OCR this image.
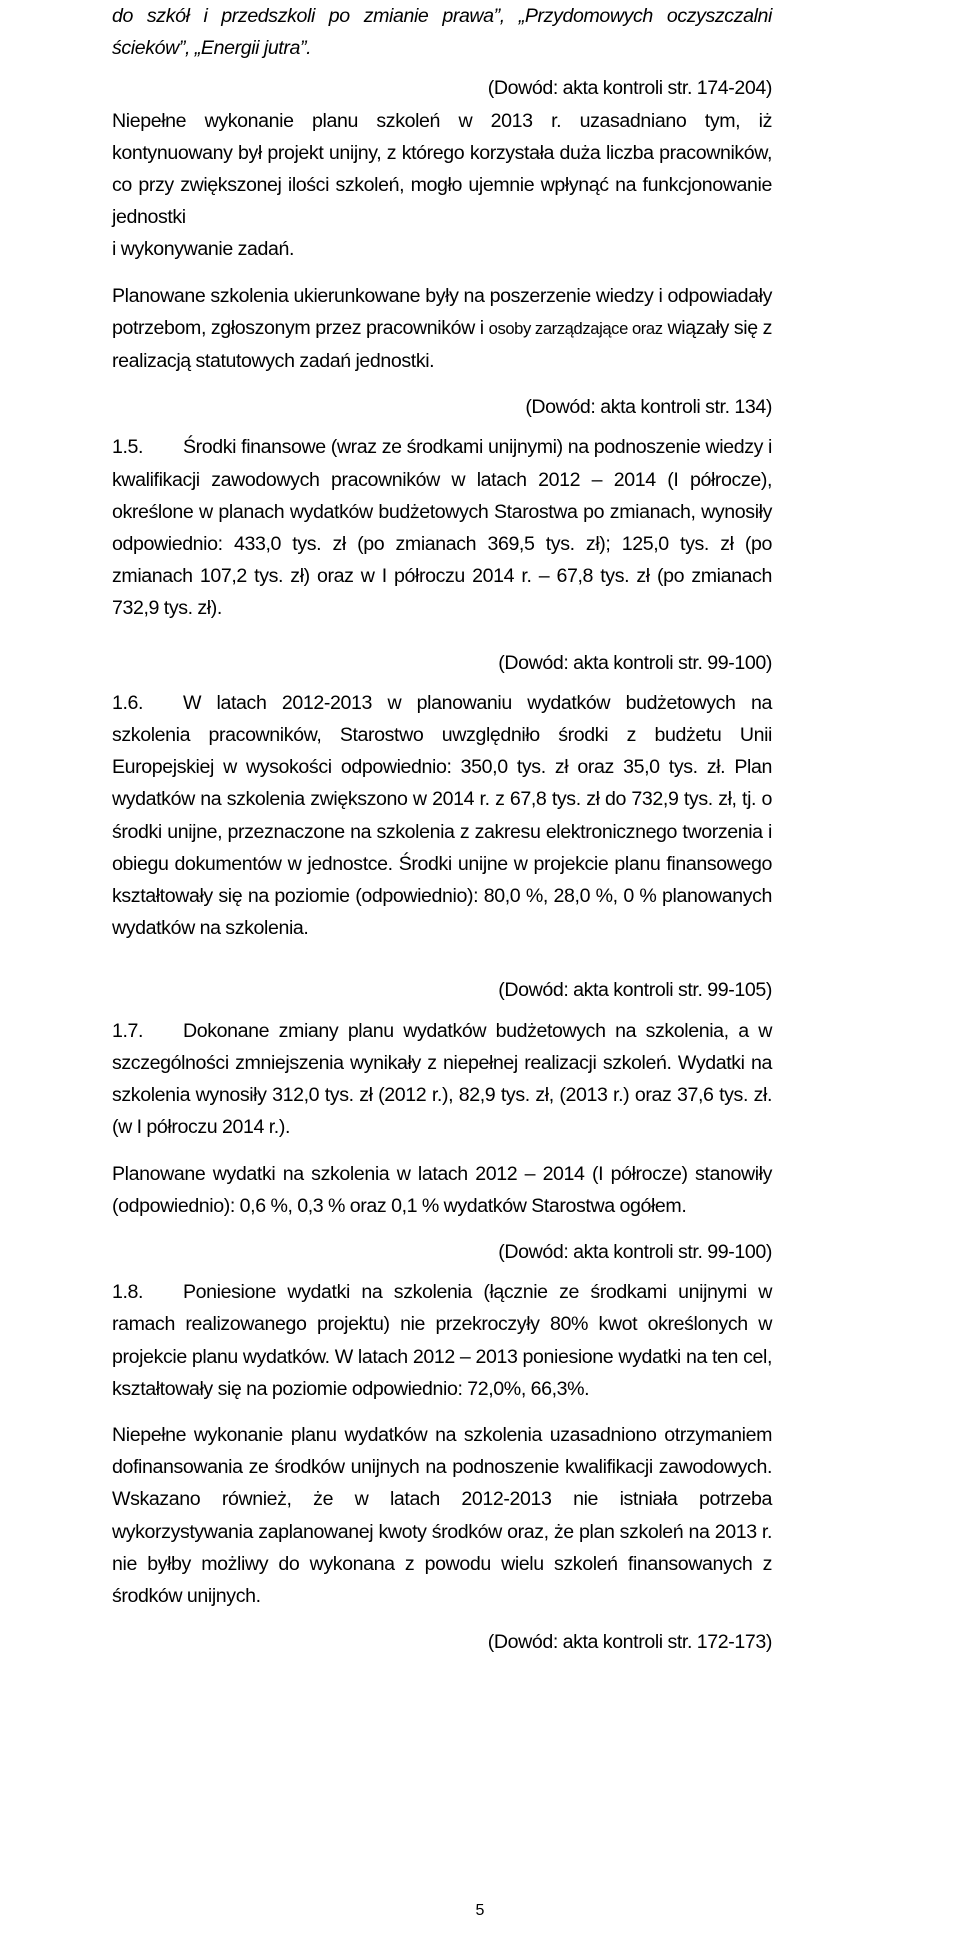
do szkół i przedszkoli po zmianie prawa”, „Przydomowych oczyszczalni ścieków”, „Energii jutra”.

(Dowód: akta kontroli str. 174-204)

Niepełne wykonanie planu szkoleń w 2013 r. uzasadniano tym, iż kontynuowany był projekt unijny, z którego korzystała duża liczba pracowników, co przy zwiększonej ilości szkoleń, mogło ujemnie wpłynąć na funkcjonowanie jednostki

i wykonywanie zadań.

Planowane szkolenia ukierunkowane były na poszerzenie wiedzy i odpowiadały potrzebom, zgłoszonym przez pracowników i osoby zarządzające oraz wiązały się z realizacją statutowych zadań jednostki.

(Dowód: akta kontroli str. 134)

1.5. Środki finansowe (wraz ze środkami unijnymi) na podnoszenie wiedzy i kwalifikacji zawodowych pracowników w latach 2012 – 2014 (I półrocze), określone w planach wydatków budżetowych Starostwa po zmianach, wynosiły odpowiednio: 433,0 tys. zł (po zmianach 369,5 tys. zł); 125,0 tys. zł (po zmianach 107,2 tys. zł) oraz w I półroczu 2014 r. – 67,8 tys. zł (po zmianach 732,9 tys. zł).

(Dowód: akta kontroli str. 99-100)

1.6. W latach 2012-2013 w planowaniu wydatków budżetowych na szkolenia pracowników, Starostwo uwzględniło środki z budżetu Unii Europejskiej w wysokości odpowiednio: 350,0 tys. zł oraz 35,0 tys. zł. Plan wydatków na szkolenia zwiększono w 2014 r. z 67,8 tys. zł do 732,9 tys. zł, tj. o środki unijne, przeznaczone na szkolenia z zakresu elektronicznego tworzenia i obiegu dokumentów w jednostce. Środki unijne w projekcie planu finansowego kształtowały się na poziomie (odpowiednio): 80,0 %, 28,0 %, 0 % planowanych wydatków na szkolenia.

(Dowód: akta kontroli str. 99-105)

1.7. Dokonane zmiany planu wydatków budżetowych na szkolenia, a w szczególności zmniejszenia wynikały z niepełnej realizacji szkoleń. Wydatki na szkolenia wynosiły 312,0 tys. zł (2012 r.), 82,9 tys. zł, (2013 r.) oraz 37,6 tys. zł. (w I półroczu 2014 r.).

Planowane wydatki na szkolenia w latach 2012 – 2014 (I półrocze) stanowiły (odpowiednio): 0,6 %, 0,3 % oraz 0,1 % wydatków Starostwa ogółem.

(Dowód: akta kontroli str. 99-100)

1.8. Poniesione wydatki na szkolenia (łącznie ze środkami unijnymi w ramach realizowanego projektu) nie przekroczyły 80% kwot określonych w projekcie planu wydatków. W latach 2012 – 2013 poniesione wydatki na ten cel, kształtowały się na poziomie odpowiednio: 72,0%, 66,3%.

Niepełne wykonanie planu wydatków na szkolenia uzasadniono otrzymaniem dofinansowania ze środków unijnych na podnoszenie kwalifikacji zawodowych. Wskazano również, że w latach 2012-2013 nie istniała potrzeba wykorzystywania zaplanowanej kwoty środków oraz, że plan szkoleń na 2013 r. nie byłby możliwy do wykonana z powodu wielu szkoleń finansowanych z środków unijnych.

(Dowód: akta kontroli str. 172-173)

5
